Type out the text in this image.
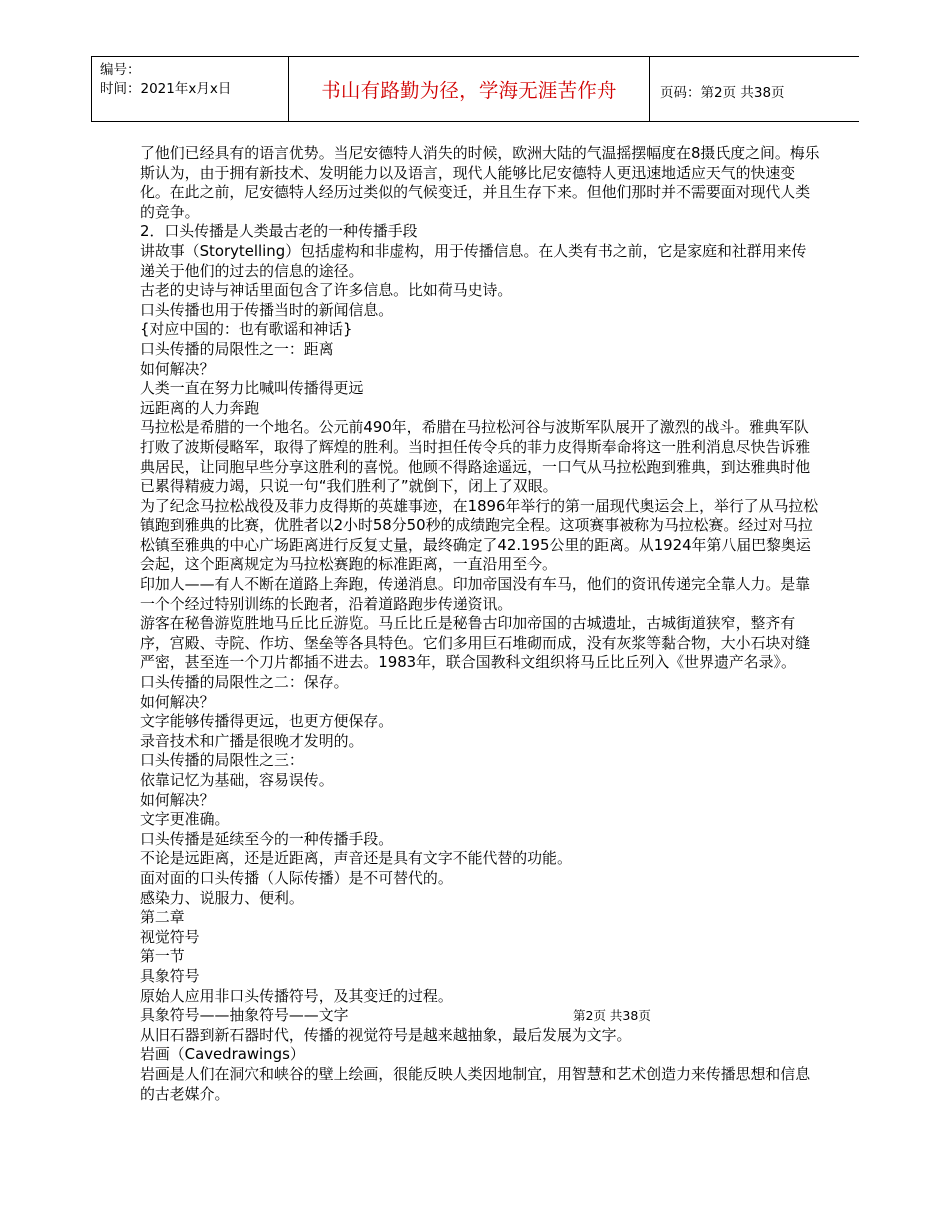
编号：
时间：2021年x月x日	书山有路勤为径，学海无涯苦作舟	页码：第2页 共38页

了他们已经具有的语言优势。当尼安德特人消失的时候，欧洲大陆的气温摇摆幅度在8摄氏度之间。梅乐斯认为，由于拥有新技术、发明能力以及语言，现代人能够比尼安德特人更迅速地适应天气的快速变化。在此之前，尼安德特人经历过类似的气候变迁，并且生存下来。但他们那时并不需要面对现代人类的竞争。

2．口头传播是人类最古老的一种传播手段

讲故事（Storytelling）包括虚构和非虚构，用于传播信息。在人类有书之前，它是家庭和社群用来传递关于他们的过去的信息的途径。

古老的史诗与神话里面包含了许多信息。比如荷马史诗。

口头传播也用于传播当时的新闻信息。

{对应中国的：也有歌谣和神话}

口头传播的局限性之一：距离

如何解决？

人类一直在努力比喊叫传播得更远

远距离的人力奔跑

马拉松是希腊的一个地名。公元前490年，希腊在马拉松河谷与波斯军队展开了激烈的战斗。雅典军队打败了波斯侵略军，取得了辉煌的胜利。当时担任传令兵的菲力皮得斯奉命将这一胜利消息尽快告诉雅典居民，让同胞早些分享这胜利的喜悦。他顾不得路途遥远，一口气从马拉松跑到雅典，到达雅典时他已累得精疲力竭，只说一句“我们胜利了”就倒下，闭上了双眼。

为了纪念马拉松战役及菲力皮得斯的英雄事迹，在1896年举行的第一届现代奥运会上，举行了从马拉松镇跑到雅典的比赛，优胜者以2小时58分50秒的成绩跑完全程。这项赛事被称为马拉松赛。经过对马拉松镇至雅典的中心广场距离进行反复丈量，最终确定了42.195公里的距离。从1924年第八届巴黎奥运会起，这个距离规定为马拉松赛跑的标准距离，一直沿用至今。

印加人——有人不断在道路上奔跑，传递消息。印加帝国没有车马，他们的资讯传递完全靠人力。是靠一个个经过特别训练的长跑者，沿着道路跑步传递资讯。

游客在秘鲁游览胜地马丘比丘游览。马丘比丘是秘鲁古印加帝国的古城遗址，古城街道狭窄，整齐有序，宫殿、寺院、作坊、堡垒等各具特色。它们多用巨石堆砌而成，没有灰浆等黏合物，大小石块对缝严密，甚至连一个刀片都插不进去。1983年，联合国教科文组织将马丘比丘列入《世界遗产名录》。

口头传播的局限性之二：保存。

如何解决？

文字能够传播得更远，也更方便保存。

录音技术和广播是很晚才发明的。

口头传播的局限性之三：

依靠记忆为基础，容易误传。

如何解决？

文字更准确。

口头传播是延续至今的一种传播手段。

不论是远距离，还是近距离，声音还是具有文字不能代替的功能。

面对面的口头传播（人际传播）是不可替代的。

感染力、说服力、便利。

第二章

视觉符号

第一节

具象符号

原始人应用非口头传播符号，及其变迁的过程。

具象符号——抽象符号——文字

从旧石器到新石器时代，传播的视觉符号是越来越抽象，最后发展为文字。

岩画（Cavedrawings）

岩画是人们在洞穴和峡谷的壁上绘画，很能反映人类因地制宜，用智慧和艺术创造力来传播思想和信息的古老媒介。

第2页 共38页
